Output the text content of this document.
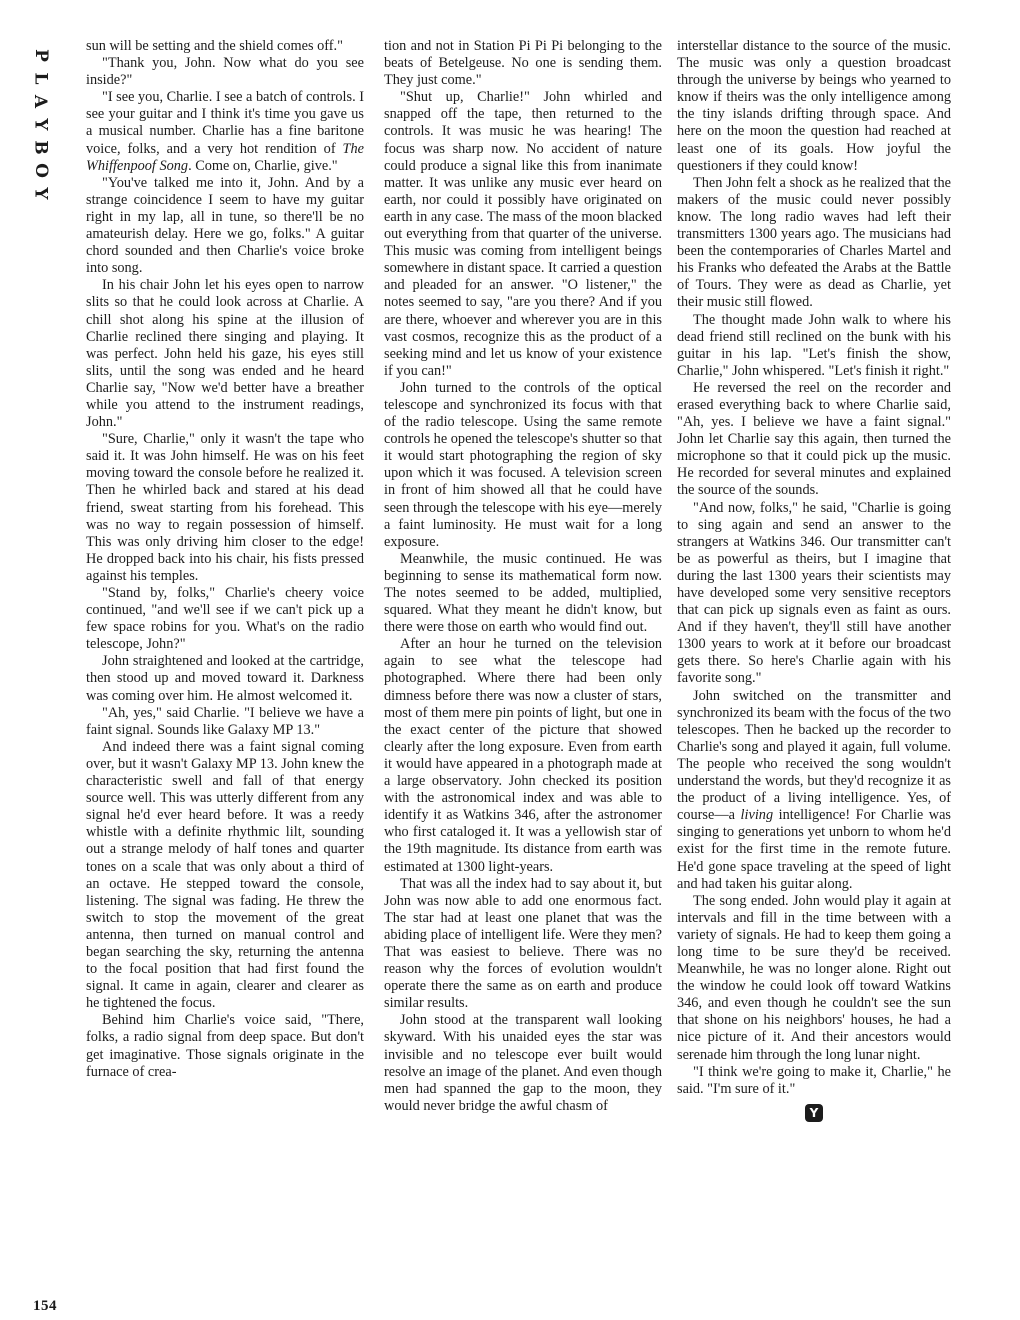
P
L
A
Y
B
O
Y

sun will be setting and the shield comes off."

"Thank you, John. Now what do you see inside?"

"I see you, Charlie. I see a batch of controls. I see your guitar and I think it's time you gave us a musical number. Charlie has a fine baritone voice, folks, and a very hot rendition of The Whiffenpoof Song. Come on, Charlie, give."

"You've talked me into it, John. And by a strange coincidence I seem to have my guitar right in my lap, all in tune, so there'll be no amateurish delay. Here we go, folks." A guitar chord sounded and then Charlie's voice broke into song.

In his chair John let his eyes open to narrow slits so that he could look across at Charlie. A chill shot along his spine at the illusion of Charlie reclined there singing and playing. It was perfect. John held his gaze, his eyes still slits, until the song was ended and he heard Charlie say, "Now we'd better have a breather while you attend to the instrument readings, John."

"Sure, Charlie," only it wasn't the tape who said it. It was John himself. He was on his feet moving toward the console before he realized it. Then he whirled back and stared at his dead friend, sweat starting from his forehead. This was no way to regain possession of himself. This was only driving him closer to the edge! He dropped back into his chair, his fists pressed against his temples.

"Stand by, folks," Charlie's cheery voice continued, "and we'll see if we can't pick up a few space robins for you. What's on the radio telescope, John?"

John straightened and looked at the cartridge, then stood up and moved toward it. Darkness was coming over him. He almost welcomed it.

"Ah, yes," said Charlie. "I believe we have a faint signal. Sounds like Galaxy MP 13."

And indeed there was a faint signal coming over, but it wasn't Galaxy MP 13. John knew the characteristic swell and fall of that energy source well. This was utterly different from any signal he'd ever heard before. It was a reedy whistle with a definite rhythmic lilt, sounding out a strange melody of half tones and quarter tones on a scale that was only about a third of an octave. He stepped toward the console, listening. The signal was fading. He threw the switch to stop the movement of the great antenna, then turned on manual control and began searching the sky, returning the antenna to the focal position that had first found the signal. It came in again, clearer and clearer as he tightened the focus.

Behind him Charlie's voice said, "There, folks, a radio signal from deep space. But don't get imaginative. Those signals originate in the furnace of crea-

tion and not in Station Pi Pi Pi belonging to the beats of Betelgeuse. No one is sending them. They just come."

"Shut up, Charlie!" John whirled and snapped off the tape, then returned to the controls. It was music he was hearing! The focus was sharp now. No accident of nature could produce a signal like this from inanimate matter. It was unlike any music ever heard on earth, nor could it possibly have originated on earth in any case. The mass of the moon blacked out everything from that quarter of the universe. This music was coming from intelligent beings somewhere in distant space. It carried a question and pleaded for an answer. "O listener," the notes seemed to say, "are you there? And if you are there, whoever and wherever you are in this vast cosmos, recognize this as the product of a seeking mind and let us know of your existence if you can!"

John turned to the controls of the optical telescope and synchronized its focus with that of the radio telescope. Using the same remote controls he opened the telescope's shutter so that it would start photographing the region of sky upon which it was focused. A television screen in front of him showed all that he could have seen through the telescope with his eye—merely a faint luminosity. He must wait for a long exposure.

Meanwhile, the music continued. He was beginning to sense its mathematical form now. The notes seemed to be added, multiplied, squared. What they meant he didn't know, but there were those on earth who would find out.

After an hour he turned on the television again to see what the telescope had photographed. Where there had been only dimness before there was now a cluster of stars, most of them mere pin points of light, but one in the exact center of the picture that showed clearly after the long exposure. Even from earth it would have appeared in a photograph made at a large observatory. John checked its position with the astronomical index and was able to identify it as Watkins 346, after the astronomer who first cataloged it. It was a yellowish star of the 19th magnitude. Its distance from earth was estimated at 1300 light-years.

That was all the index had to say about it, but John was now able to add one enormous fact. The star had at least one planet that was the abiding place of intelligent life. Were they men? That was easiest to believe. There was no reason why the forces of evolution wouldn't operate there the same as on earth and produce similar results.

John stood at the transparent wall looking skyward. With his unaided eyes the star was invisible and no telescope ever built would resolve an image of the planet. And even though men had spanned the gap to the moon, they would never bridge the awful chasm of

interstellar distance to the source of the music. The music was only a question broadcast through the universe by beings who yearned to know if theirs was the only intelligence among the tiny islands drifting through space. And here on the moon the question had reached at least one of its goals. How joyful the questioners if they could know!

Then John felt a shock as he realized that the makers of the music could never possibly know. The long radio waves had left their transmitters 1300 years ago. The musicians had been the contemporaries of Charles Martel and his Franks who defeated the Arabs at the Battle of Tours. They were as dead as Charlie, yet their music still flowed.

The thought made John walk to where his dead friend still reclined on the bunk with his guitar in his lap. "Let's finish the show, Charlie," John whispered. "Let's finish it right."

He reversed the reel on the recorder and erased everything back to where Charlie said, "Ah, yes. I believe we have a faint signal." John let Charlie say this again, then turned the microphone so that it could pick up the music. He recorded for several minutes and explained the source of the sounds.

"And now, folks," he said, "Charlie is going to sing again and send an answer to the strangers at Watkins 346. Our transmitter can't be as powerful as theirs, but I imagine that during the last 1300 years their scientists may have developed some very sensitive receptors that can pick up signals even as faint as ours. And if they haven't, they'll still have another 1300 years to work at it before our broadcast gets there. So here's Charlie again with his favorite song."

John switched on the transmitter and synchronized its beam with the focus of the two telescopes. Then he backed up the recorder to Charlie's song and played it again, full volume. The people who received the song wouldn't understand the words, but they'd recognize it as the product of a living intelligence. Yes, of course—a living intelligence! For Charlie was singing to generations yet unborn to whom he'd exist for the first time in the remote future. He'd gone space traveling at the speed of light and had taken his guitar along.

The song ended. John would play it again at intervals and fill in the time between with a variety of signals. He had to keep them going a long time to be sure they'd be received. Meanwhile, he was no longer alone. Right out the window he could look off toward Watkins 346, and even though he couldn't see the sun that shone on his neighbors' houses, he had a nice picture of it. And their ancestors would serenade him through the long lunar night.

"I think we're going to make it, Charlie," he said. "I'm sure of it."

Y
154
